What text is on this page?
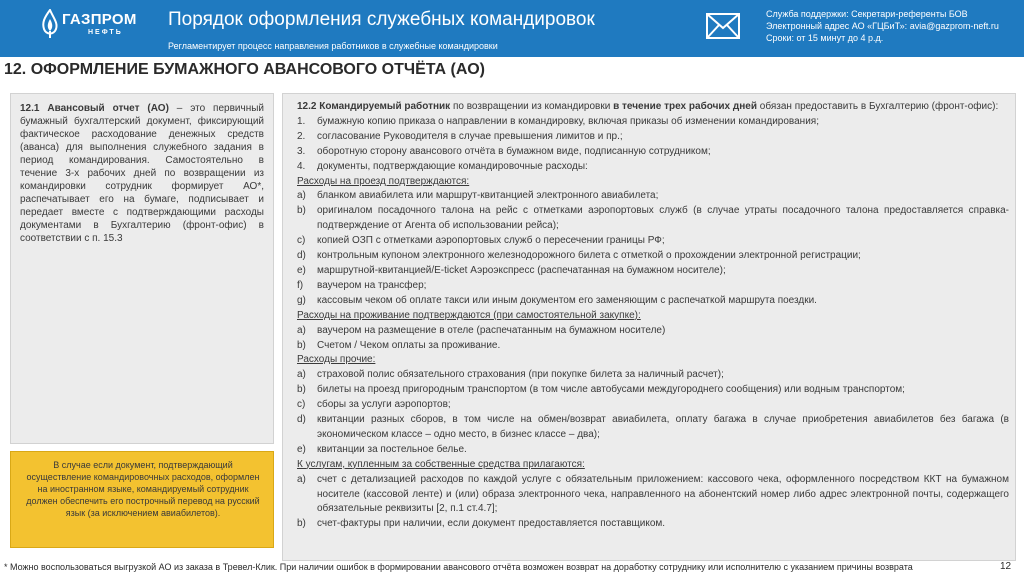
ГАЗПРОМ
НЕФТЬ
Порядок оформления служебных командировок
Регламентирует процесс направления работников в служебные командировки
Служба поддержки: Секретари-референты БОВ
Электронный адрес АО «ГЦБиТ»: avia@gazprom-neft.ru
Сроки: от 15 минут до 4 р.д.
12. ОФОРМЛЕНИЕ БУМАЖНОГО АВАНСОВОГО ОТЧЁТА (АО)
12.1 Авансовый отчет (АО) – это первичный бумажный бухгалтерский документ, фиксирующий фактическое расходование денежных средств (аванса) для выполнения служебного задания в период командирования. Самостоятельно в течение 3-х рабочих дней по возвращении из командировки сотрудник формирует АО*, распечатывает его на бумаге, подписывает и передает вместе с подтверждающими расходы документами в Бухгалтерию (фронт-офис) в соответствии с п. 15.3
В случае если документ, подтверждающий осуществление командировочных расходов, оформлен на иностранном языке, командируемый сотрудник должен обеспечить его построчный перевод на русский язык (за исключением авиабилетов).
12.2 Командируемый работник по возвращении из командировки в течение трех рабочих дней обязан предоставить в Бухгалтерию (фронт-офис):
1.	бумажную копию приказа о направлении в командировку, включая приказы об изменении командирования;
2.	согласование Руководителя в случае превышения лимитов и пр.;
3.	оборотную сторону авансового отчёта в бумажном виде, подписанную сотрудником;
4.	документы, подтверждающие командировочные расходы:
Расходы на проезд подтверждаются:
a)	бланком авиабилета или маршрут-квитанцией электронного авиабилета;
b)	оригиналом посадочного талона на рейс с отметками аэропортовых служб (в случае утраты посадочного талона предоставляется справка-подтверждение от Агента об использовании рейса);
c)	копией ОЗП с отметками аэропортовых служб о пересечении границы РФ;
d)	контрольным купоном электронного железнодорожного билета с отметкой о прохождении электронной регистрации;
e)	маршрутной-квитанцией/E-ticket Аэроэкспресс (распечатанная на бумажном носителе);
f)	ваучером на трансфер;
g)	кассовым чеком об оплате такси или иным документом его заменяющим с распечаткой маршрута поездки.
Расходы на проживание подтверждаются (при самостоятельной закупке):
a)	ваучером на размещение в отеле (распечатанным на бумажном носителе)
b)	Счетом / Чеком оплаты за проживание.
Расходы прочие:
a)	страховой полис обязательного страхования (при покупке билета за наличный расчет);
b)	билеты на проезд пригородным транспортом (в том числе автобусами междугороднего сообщения) или водным транспортом;
c)	сборы за услуги аэропортов;
d)	квитанции разных сборов, в том числе на обмен/возврат авиабилета, оплату багажа в случае приобретения авиабилетов без багажа (в экономическом классе – одно место, в бизнес классе – два);
e)	квитанции за постельное белье.
К услугам, купленным за собственные средства прилагаются:
a)	счет с детализацией расходов по каждой услуге с обязательным приложением: кассового чека, оформленного посредством ККТ на бумажном носителе (кассовой ленте) и (или) образа электронного чека, направленного на абонентский номер либо адрес электронной почты, содержащего обязательные реквизиты [2, п.1 ст.4.7];
b)	счет-фактуры при наличии, если документ предоставляется поставщиком.
* Можно воспользоваться выгрузкой АО из заказа в Тревел-Клик. При наличии ошибок в формировании авансового отчёта возможен возврат на доработку сотруднику или исполнителю с указанием причины возврата	12
